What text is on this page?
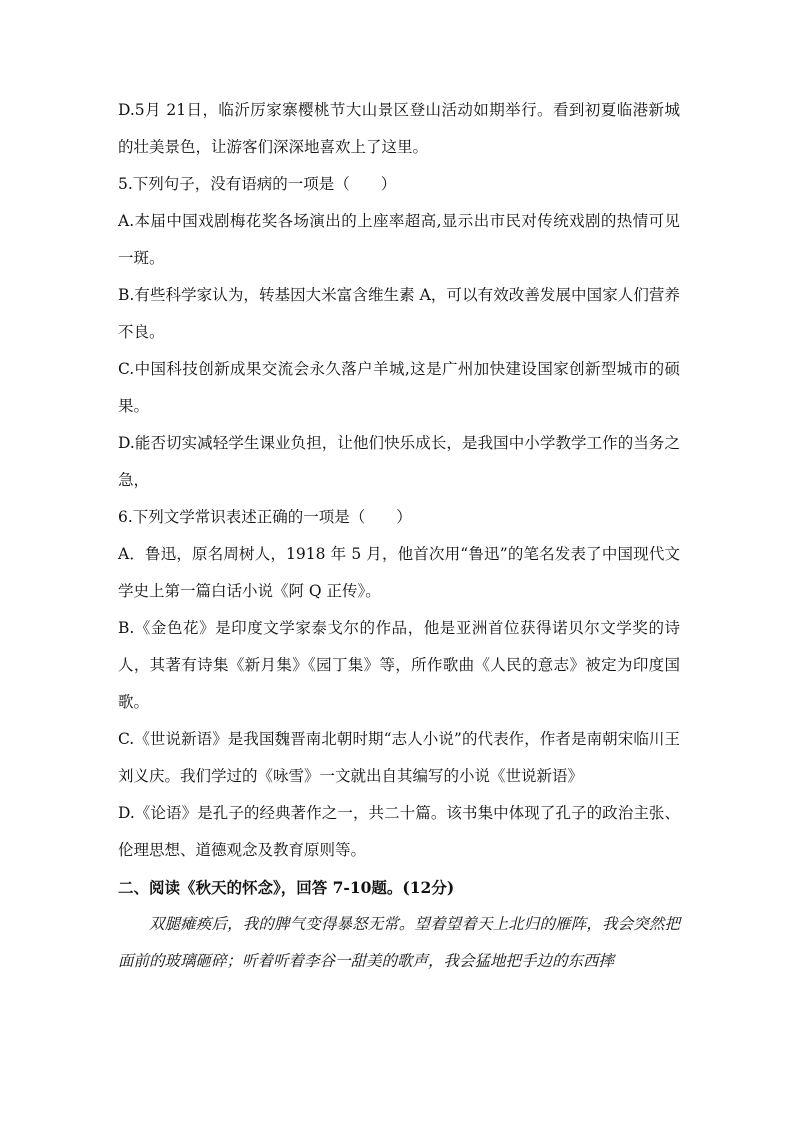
D.5月 21日，临沂厉家寨樱桃节大山景区登山活动如期举行。看到初夏临港新城的壮美景色，让游客们深深地喜欢上了这里。

5.下列句子，没有语病的一项是（　　）

A.本届中国戏剧梅花奖各场演出的上座率超高,显示出市民对传统戏剧的热情可见一斑。

B.有些科学家认为，转基因大米富含维生素 A，可以有效改善发展中国家人们营养不良。

C.中国科技创新成果交流会永久落户羊城,这是广州加快建设国家创新型城市的硕果。

D.能否切实减轻学生课业负担，让他们快乐成长，是我国中小学教学工作的当务之急，

6.下列文学常识表述正确的一项是（　　）

A．鲁迅，原名周树人，1918 年 5 月，他首次用“鲁迅”的笔名发表了中国现代文学史上第一篇白话小说《阿 Q 正传》。

B.《金色花》是印度文学家泰戈尔的作品，他是亚洲首位获得诺贝尔文学奖的诗人，其著有诗集《新月集》《园丁集》等，所作歌曲《人民的意志》被定为印度国歌。

C.《世说新语》是我国魏晋南北朝时期“志人小说”的代表作，作者是南朝宋临川王刘义庆。我们学过的《咏雪》一文就出自其编写的小说《世说新语》

D.《论语》是孔子的经典著作之一，共二十篇。该书集中体现了孔子的政治主张、伦理思想、道德观念及教育原则等。

二、阅读《秋天的怀念》，回答 7-10题。(12分)

双腿瘫痪后，我的脾气变得暴怒无常。望着望着天上北归的雁阵，我会突然把面前的玻璃砸碎；听着听着李谷一甜美的歌声，我会猛地把手边的东西摔
